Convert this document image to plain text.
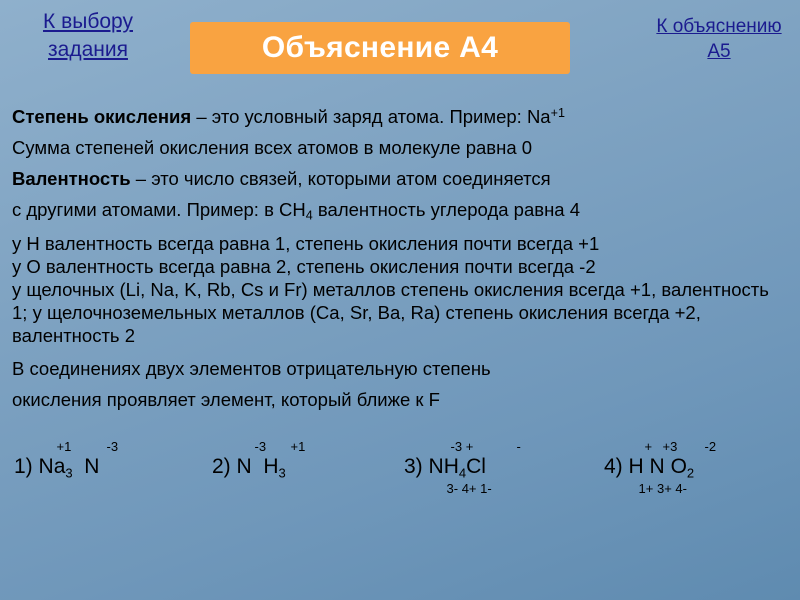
К выбору задания
К объяснению А5
Объяснение А4
Степень окисления – это условный заряд атома. Пример: $Na^{+1}$
Сумма степеней окисления всех атомов в молекуле равна 0
Валентность – это число связей, которыми атом соединяется
с другими атомами. Пример: в $CH_4$ валентность углерода равна 4
у Н валентность всегда равна 1, степень окисления почти всегда +1
у О валентность всегда равна 2, степень окисления почти всегда -2
у щелочных (Li, Na, K, Rb, Cs и Fr) металлов степень окисления всегда +1, валентность 1; у щелочноземельных металлов (Ca, Sr, Ba, Ra) степень окисления всегда +2, валентность 2
В соединениях двух элементов отрицательную степень
окисления проявляет элемент, который ближе к F
1)
+1	-3
$Na_3$ N	2)
-3 +1
N $H_3$	3)
-3 +	-
$NH_4Cl$
3- 4+ 1-
4)
+ +3 -2
H N $O_2$
1+ 3+ 4-
